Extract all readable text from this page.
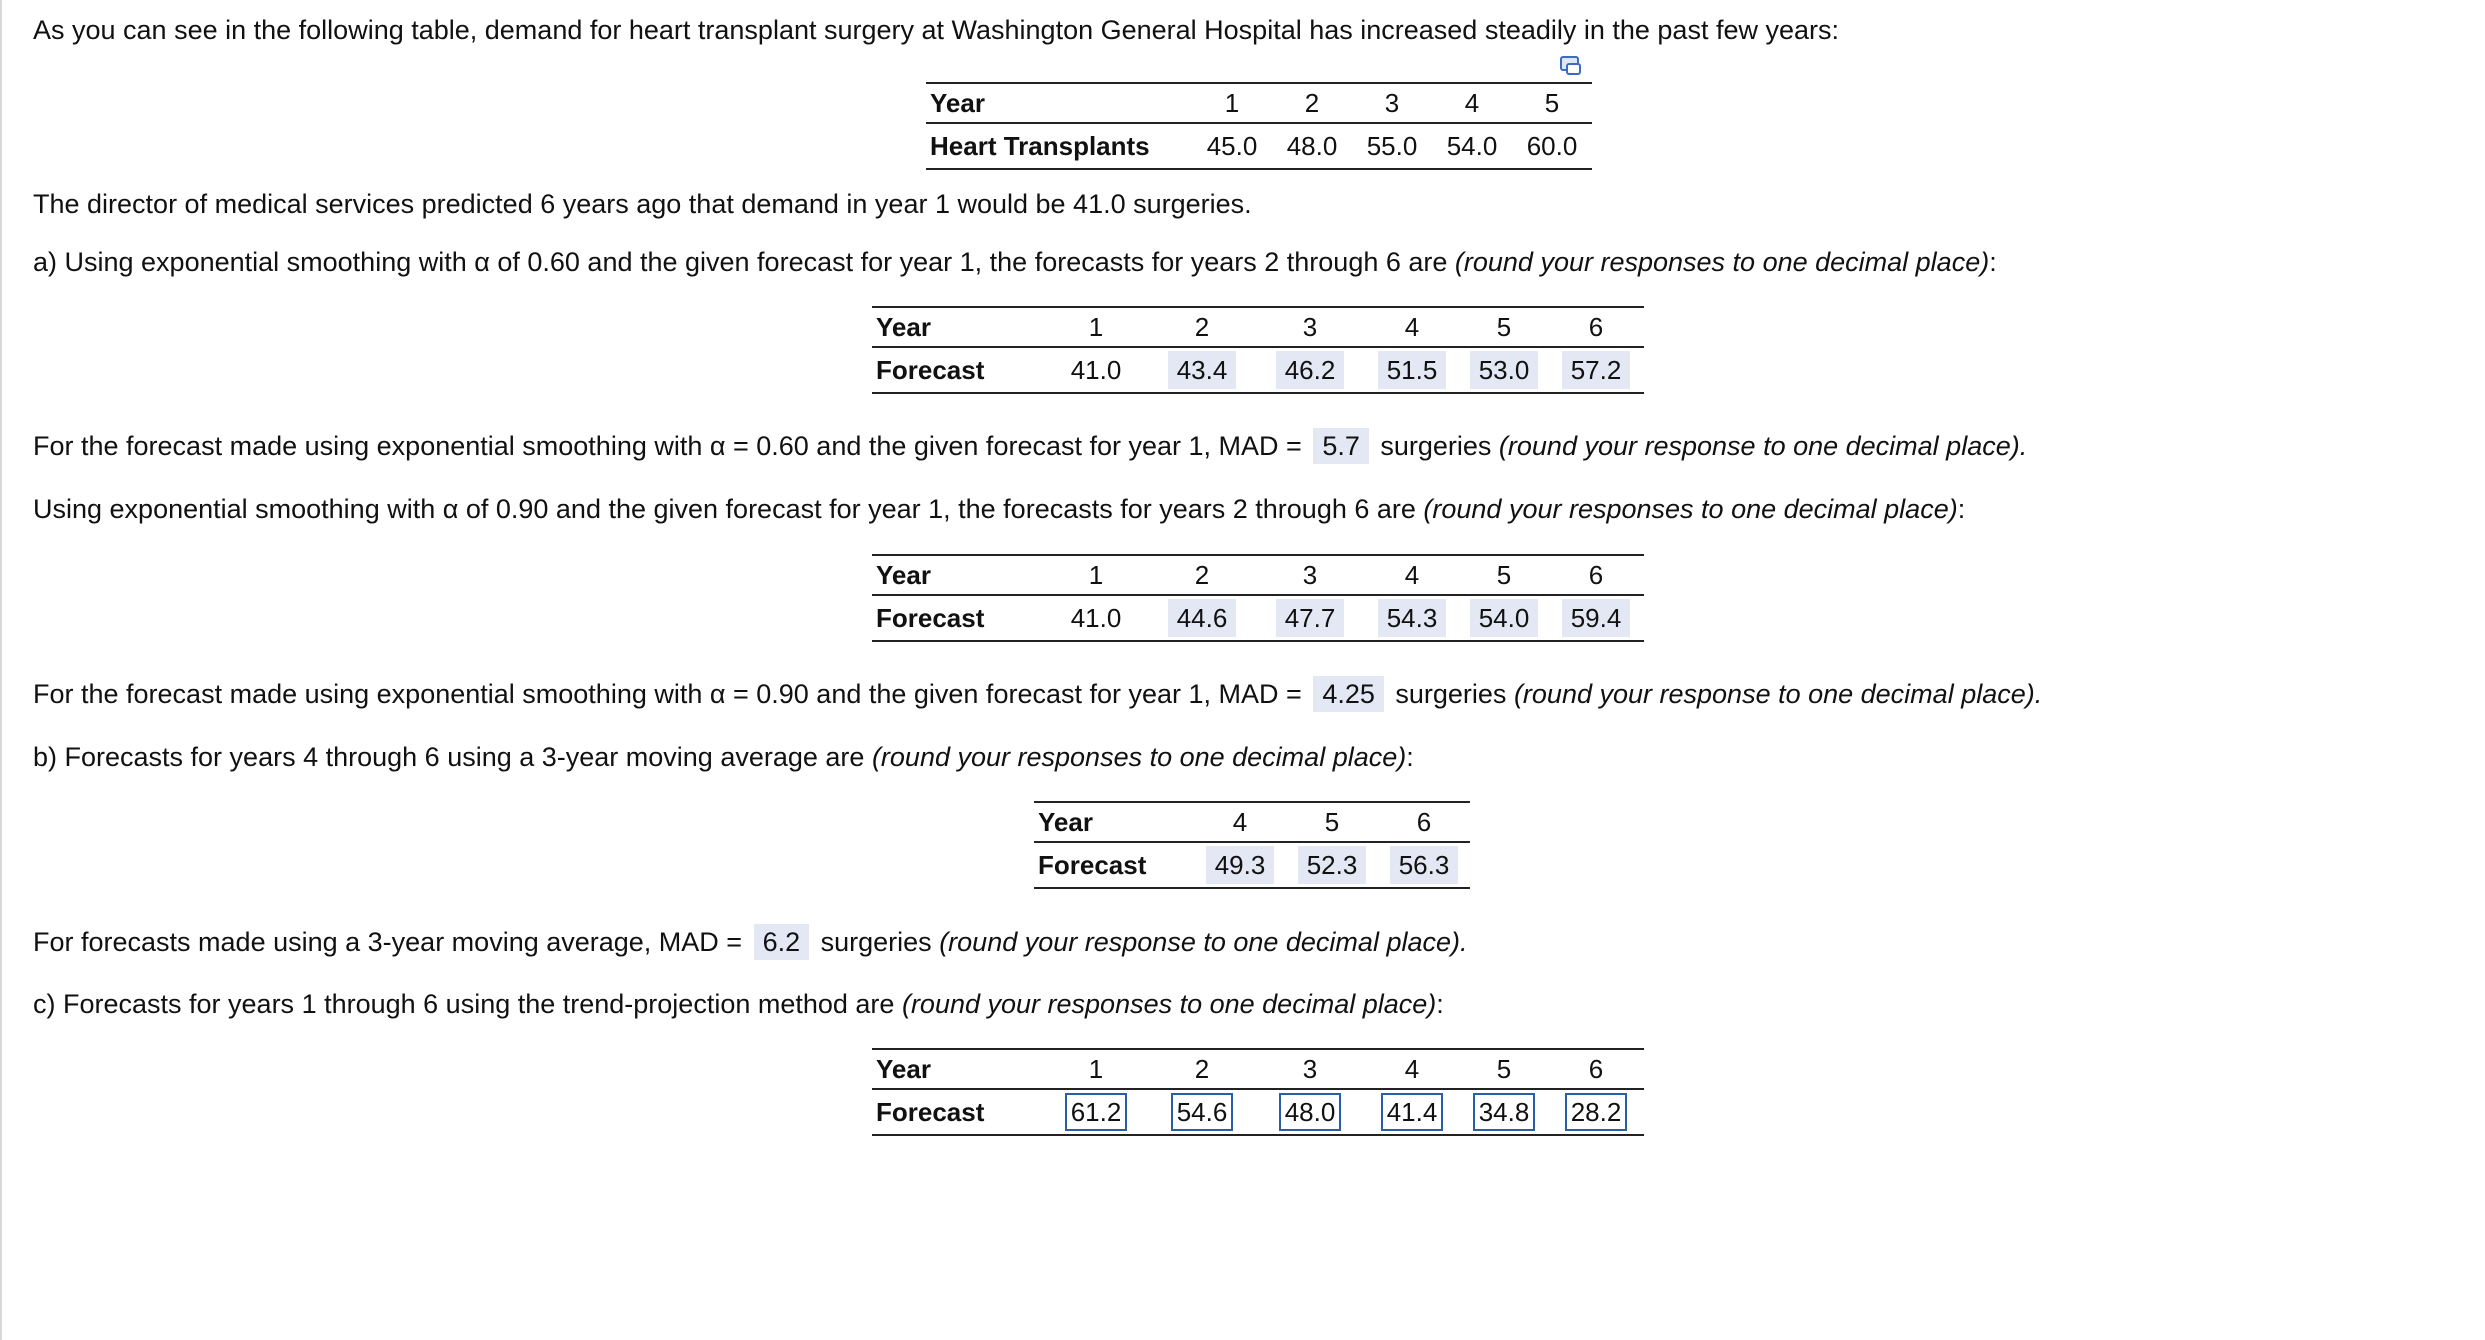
As you can see in the following table, demand for heart transplant surgery at Washington General Hospital has increased steadily in the past few years:
Year	1	2	3	4	5
Heart Transplants	45.0	48.0	55.0	54.0	60.0
The director of medical services predicted 6 years ago that demand in year 1 would be 41.0 surgeries.
a) Using exponential smoothing with α of 0.60 and the given forecast for year 1, the forecasts for years 2 through 6 are (round your responses to one decimal place):
Year	1	2	3	4	5	6
Forecast	41.0	43.4	46.2	51.5	53.0	57.2
For the forecast made using exponential smoothing with α = 0.60 and the given forecast for year 1, MAD = 5.7 surgeries (round your response to one decimal place).
Using exponential smoothing with α of 0.90 and the given forecast for year 1, the forecasts for years 2 through 6 are (round your responses to one decimal place):
Year	1	2	3	4	5	6
Forecast	41.0	44.6	47.7	54.3	54.0	59.4
For the forecast made using exponential smoothing with α = 0.90 and the given forecast for year 1, MAD = 4.25 surgeries (round your response to one decimal place).
b) Forecasts for years 4 through 6 using a 3-year moving average are (round your responses to one decimal place):
Year	4	5	6
Forecast	49.3	52.3	56.3
For forecasts made using a 3-year moving average, MAD = 6.2 surgeries (round your response to one decimal place).
c) Forecasts for years 1 through 6 using the trend-projection method are (round your responses to one decimal place):
Year	1	2	3	4	5	6
Forecast	61.2	54.6	48.0	41.4	34.8	28.2
